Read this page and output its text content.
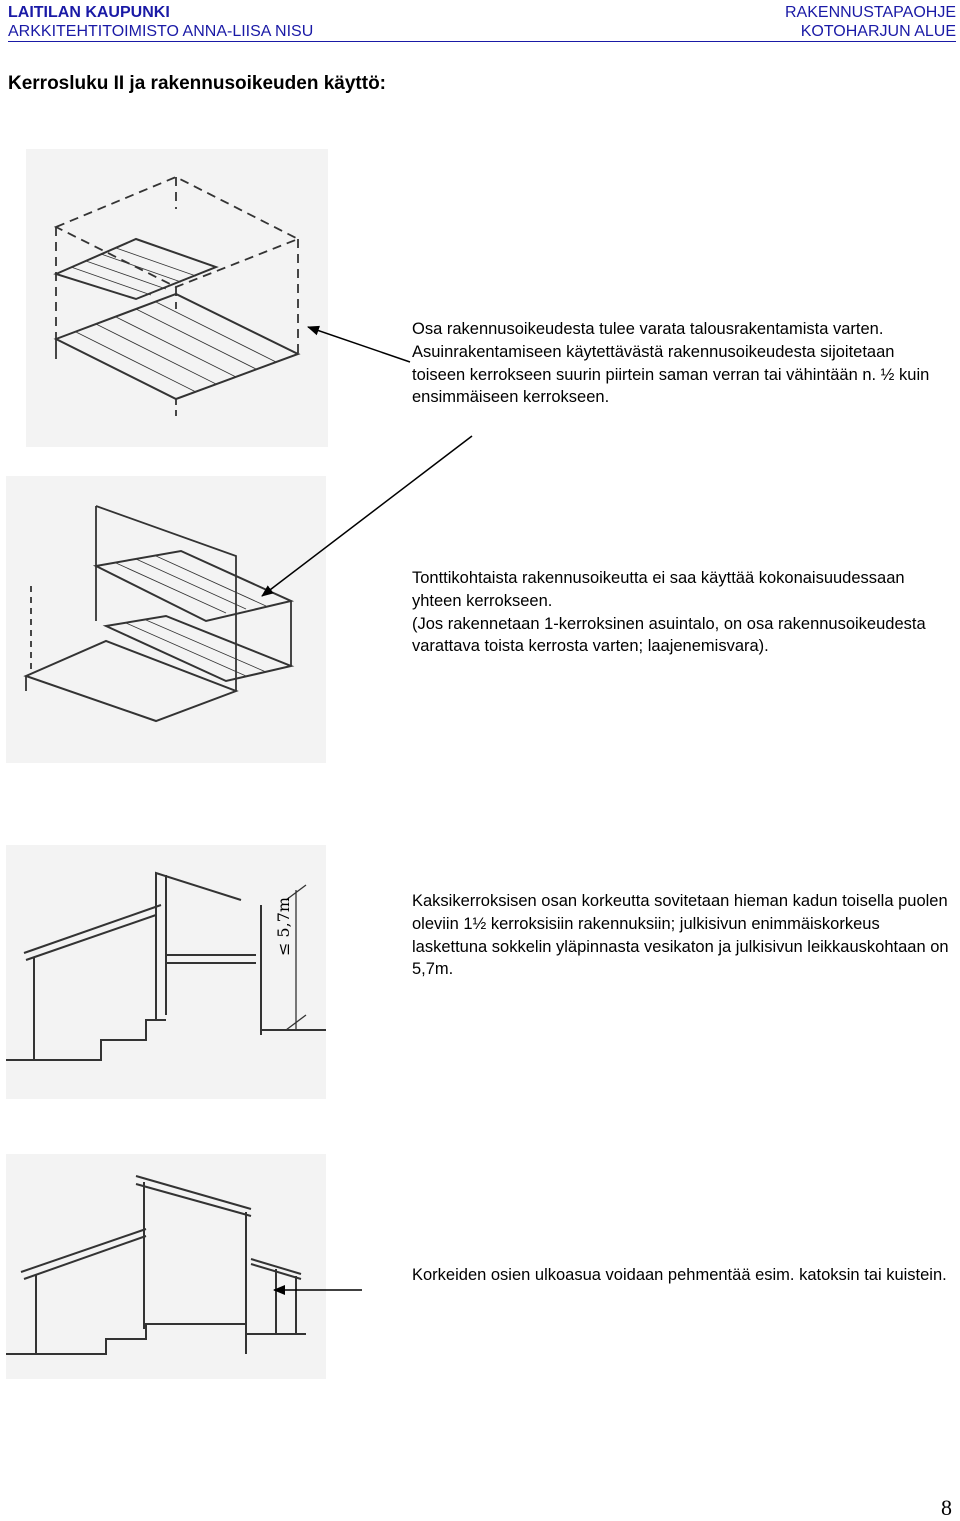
LAITILAN KAUPUNKI
ARKKITEHTITOIMISTO ANNA-LIISA NISU
RAKENNUSTAPAOHJE
KOTOHARJUN ALUE
Kerrosluku II ja rakennusoikeuden käyttö:
≤ 5,7m

Osa rakennusoikeudesta tulee varata talousrakentamista varten.

Asuinrakentamiseen käytettävästä rakennusoikeudesta sijoitetaan toiseen kerrokseen suurin piirtein saman verran tai vähintään n. ½ kuin ensimmäiseen kerrokseen.

Tonttikohtaista rakennusoikeutta ei saa käyttää kokonaisuudessaan yhteen kerrokseen.

(Jos rakennetaan 1-kerroksinen asuintalo, on osa rakennusoikeudesta varattava toista kerrosta varten; laajenemisvara).

Kaksikerroksisen osan korkeutta sovitetaan hieman kadun toisella puolen oleviin 1½ kerroksisiin rakennuksiin; julkisivun enimmäiskorkeus laskettuna sokkelin yläpinnasta vesikaton ja julkisivun leikkauskohtaan on 5,7m.

Korkeiden osien ulkoasua voidaan pehmentää esim. katoksin tai kuistein.

8
